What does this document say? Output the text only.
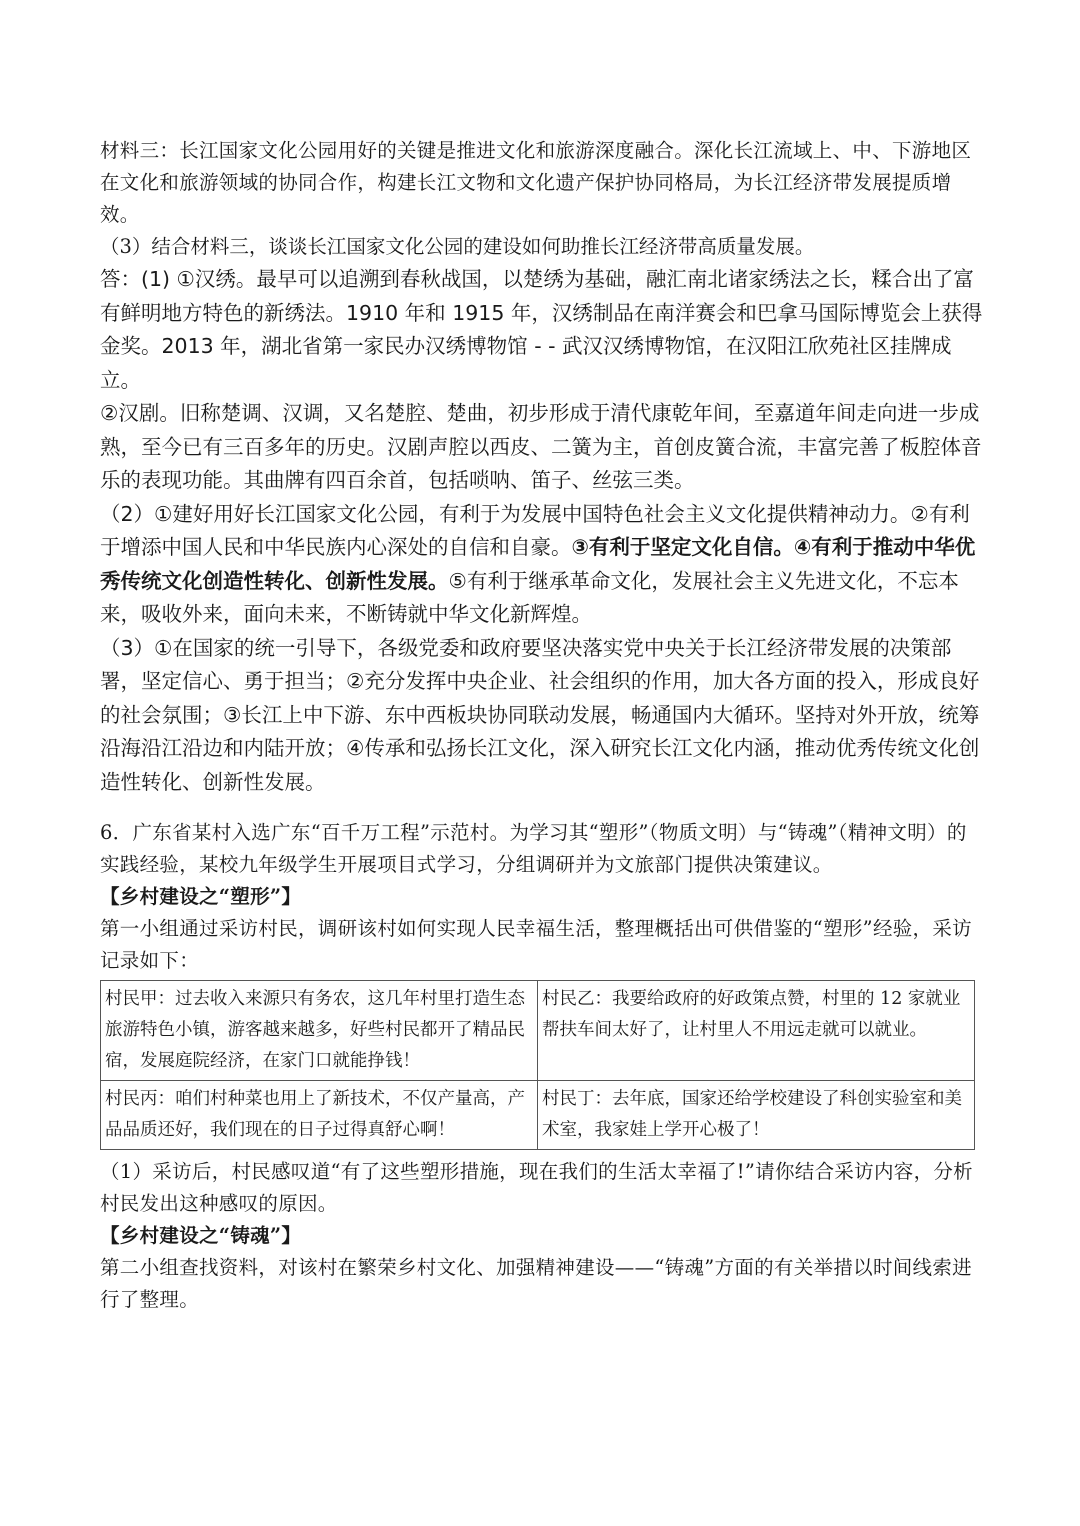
材料三：长江国家文化公园用好的关键是推进文化和旅游深度融合。深化长江流域上、中、下游地区在文化和旅游领域的协同合作，构建长江文物和文化遗产保护协同格局，为长江经济带发展提质增效。

（3）结合材料三，谈谈长江国家文化公园的建设如何助推长江经济带高质量发展。

答：(1) ①汉绣。最早可以追溯到春秋战国，以楚绣为基础，融汇南北诸家绣法之长，糅合出了富有鲜明地方特色的新绣法。1910 年和 1915 年，汉绣制品在南洋赛会和巴拿马国际博览会上获得金奖。2013 年，湖北省第一家民办汉绣博物馆 - - 武汉汉绣博物馆，在汉阳江欣苑社区挂牌成立。

②汉剧。旧称楚调、汉调，又名楚腔、楚曲，初步形成于清代康乾年间，至嘉道年间走向进一步成熟，至今已有三百多年的历史。汉剧声腔以西皮、二簧为主，首创皮簧合流，丰富完善了板腔体音乐的表现功能。其曲牌有四百余首，包括唢呐、笛子、丝弦三类。

（2）①建好用好长江国家文化公园，有利于为发展中国特色社会主义文化提供精神动力。②有利于增添中国人民和中华民族内心深处的自信和自豪。③有利于坚定文化自信。④有利于推动中华优秀传统文化创造性转化、创新性发展。⑤有利于继承革命文化，发展社会主义先进文化，不忘本来，吸收外来，面向未来，不断铸就中华文化新辉煌。

（3）①在国家的统一引导下，各级党委和政府要坚决落实党中央关于长江经济带发展的决策部署，坚定信心、勇于担当；②充分发挥中央企业、社会组织的作用，加大各方面的投入，形成良好的社会氛围；③长江上中下游、东中西板块协同联动发展，畅通国内大循环。坚持对外开放，统筹沿海沿江沿边和内陆开放；④传承和弘扬长江文化，深入研究长江文化内涵，推动优秀传统文化创造性转化、创新性发展。

6．广东省某村入选广东“百千万工程”示范村。为学习其“塑形”（物质文明）与“铸魂”（精神文明）的实践经验，某校九年级学生开展项目式学习，分组调研并为文旅部门提供决策建议。

【乡村建设之“塑形”】

第一小组通过采访村民，调研该村如何实现人民幸福生活，整理概括出可供借鉴的“塑形”经验，采访记录如下：

村民甲：过去收入来源只有务农，这几年村里打造生态旅游特色小镇，游客越来越多，好些村民都开了精品民宿，发展庭院经济，在家门口就能挣钱！	村民乙：我要给政府的好政策点赞，村里的 12 家就业帮扶车间太好了，让村里人不用远走就可以就业。
村民丙：咱们村种菜也用上了新技术，不仅产量高，产品品质还好，我们现在的日子过得真舒心啊！	村民丁：去年底，国家还给学校建设了科创实验室和美术室，我家娃上学开心极了！

（1）采访后，村民感叹道“有了这些塑形措施，现在我们的生活太幸福了!”请你结合采访内容，分析村民发出这种感叹的原因。

【乡村建设之“铸魂”】

第二小组查找资料，对该村在繁荣乡村文化、加强精神建设——“铸魂”方面的有关举措以时间线索进行了整理。
